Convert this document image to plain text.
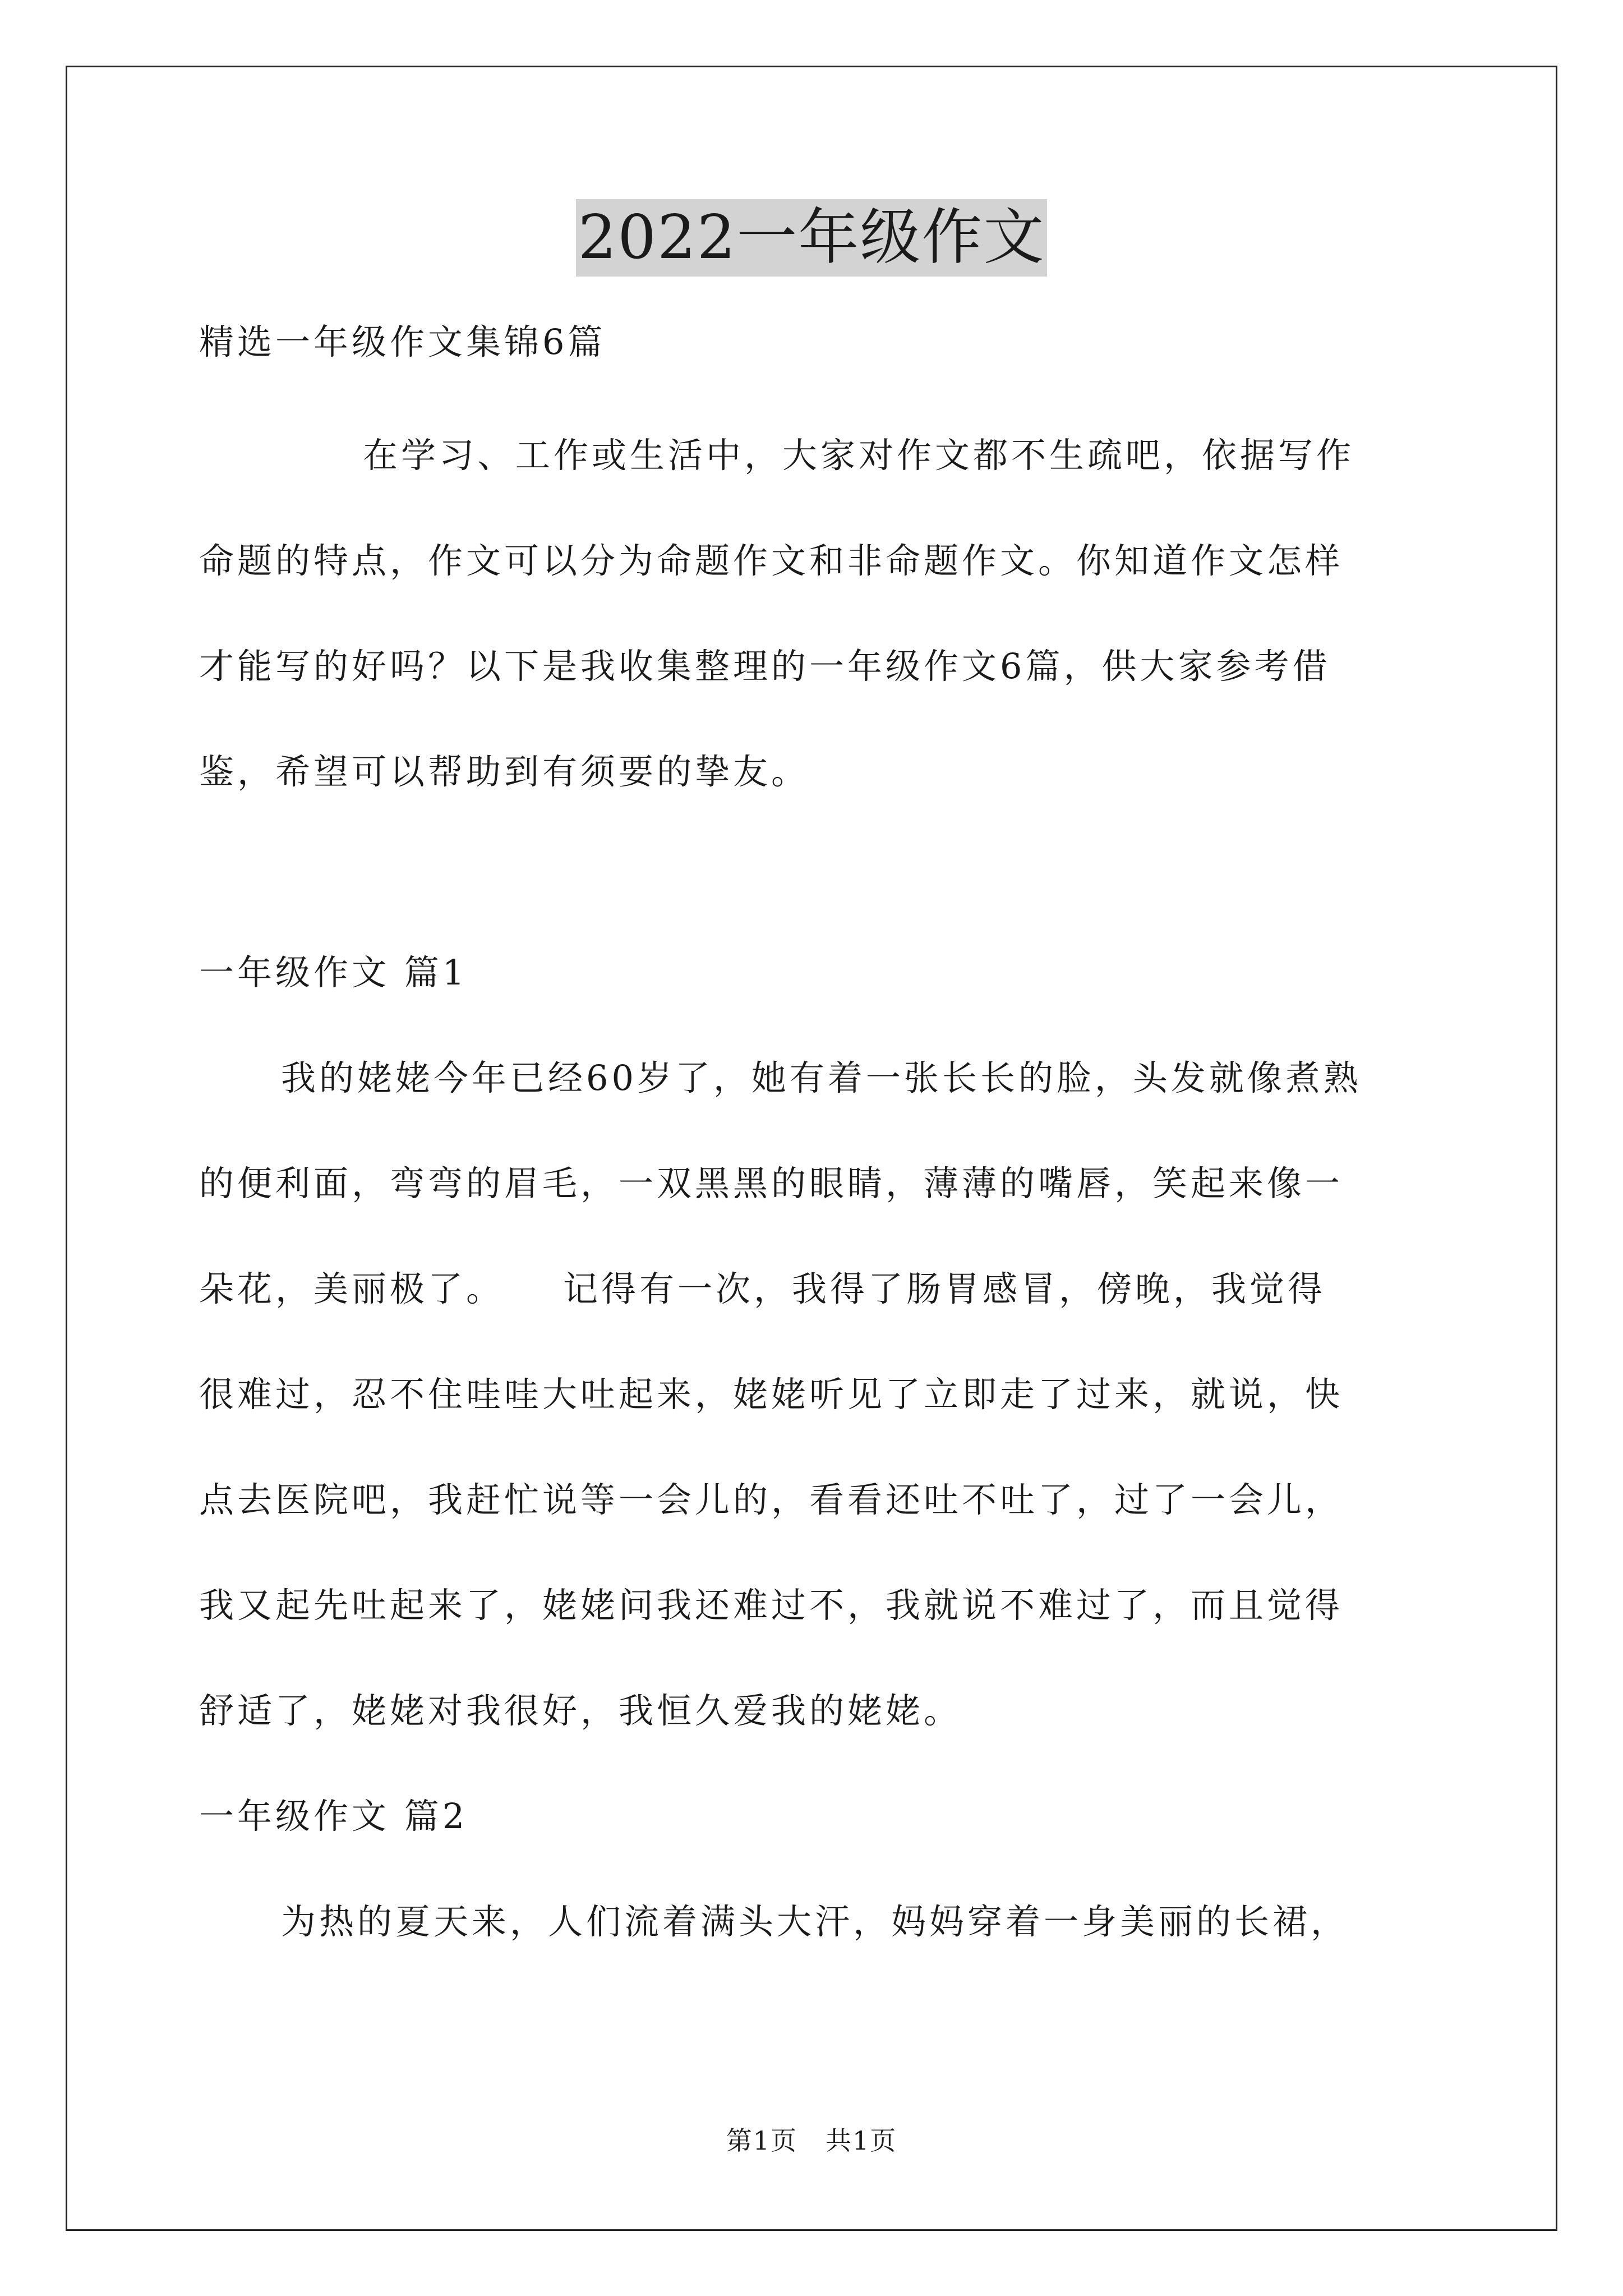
2022一年级作文
精选一年级作文集锦6篇
在学习、工作或生活中，大家对作文都不生疏吧，依据写作
命题的特点，作文可以分为命题作文和非命题作文。你知道作文怎样
才能写的好吗？以下是我收集整理的一年级作文6篇，供大家参考借
鉴，希望可以帮助到有须要的挚友。
一年级作文 篇1
我的姥姥今年已经60岁了，她有着一张长长的脸，头发就像煮熟
的便利面，弯弯的眉毛，一双黑黑的眼睛，薄薄的嘴唇，笑起来像一
朵花，美丽极了。　　记得有一次，我得了肠胃感冒，傍晚，我觉得
很难过，忍不住哇哇大吐起来，姥姥听见了立即走了过来，就说，快
点去医院吧，我赶忙说等一会儿的，看看还吐不吐了，过了一会儿，
我又起先吐起来了，姥姥问我还难过不，我就说不难过了，而且觉得
舒适了，姥姥对我很好，我恒久爱我的姥姥。
一年级作文 篇2
为热的夏天来，人们流着满头大汗，妈妈穿着一身美丽的长裙，
第1页 共1页
